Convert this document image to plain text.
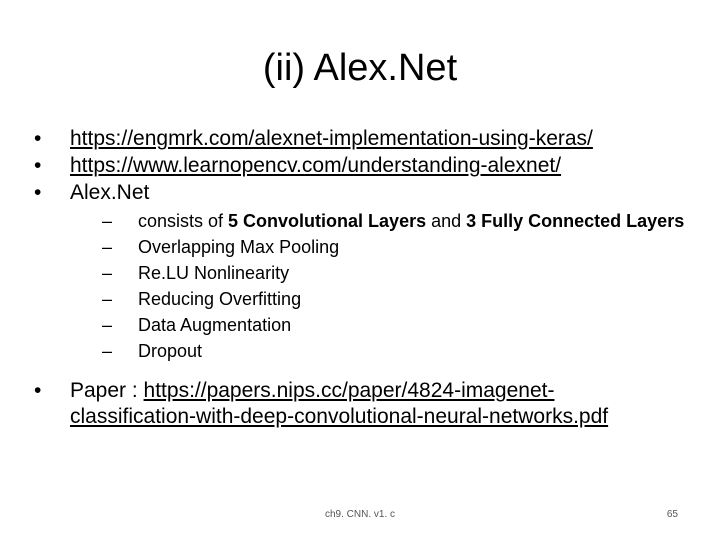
(ii) Alex.Net
•	https://engmrk.com/alexnet-implementation-using-keras/
•	https://www.learnopencv.com/understanding-alexnet/
•	Alex.Net
–	consists of 5 Convolutional Layers and 3 Fully Connected Layers
–	Overlapping Max Pooling
–	Re.LU Nonlinearity
–	Reducing Overfitting
–	Data Augmentation
–	Dropout
•	Paper : https://papers.nips.cc/paper/4824-imagenet-
classification-with-deep-convolutional-neural-networks.pdf
ch9. CNN. v1. c	65
